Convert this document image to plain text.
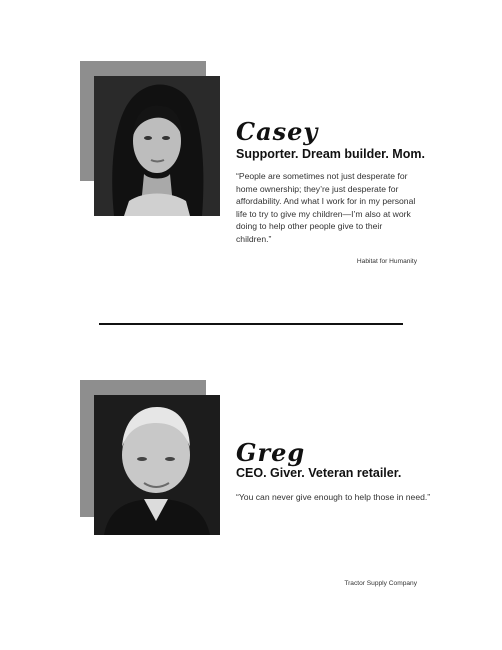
Casey
Supporter. Dream builder. Mom.
“People are sometimes not just desperate for home ownership; they’re just desperate for affordability. And what I work for in my personal life to try to give my children—I’m also at work doing to help other people give to their children.”
Habitat for Humanity
Greg
CEO. Giver. Veteran retailer.
“You can never give enough to help those in need.”
Tractor Supply Company
